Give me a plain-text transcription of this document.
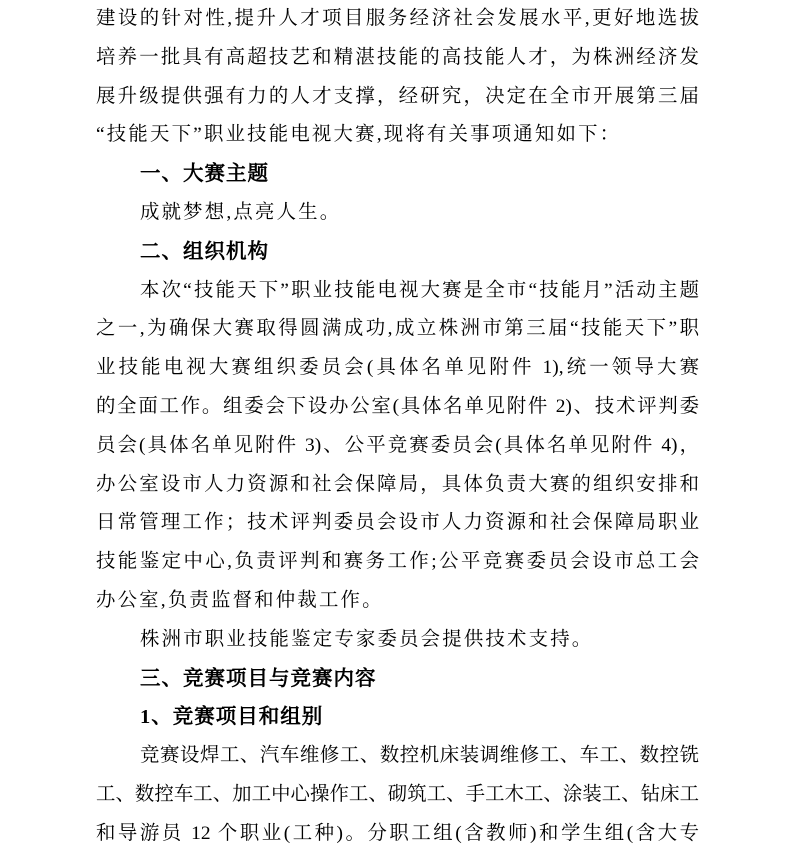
建设的针对性,提升人才项目服务经济社会发展水平,更好地选拔
培养一批具有高超技艺和精湛技能的高技能人才，为株洲经济发
展升级提供强有力的人才支撑，经研究，决定在全市开展第三届
“技能天下”职业技能电视大赛,现将有关事项通知如下：
一、大赛主题
成就梦想,点亮人生。
二、组织机构
本次“技能天下”职业技能电视大赛是全市“技能月”活动主题
之一,为确保大赛取得圆满成功,成立株洲市第三届“技能天下”职
业技能电视大赛组织委员会(具体名单见附件 1),统一领导大赛
的全面工作。组委会下设办公室(具体名单见附件 2)、技术评判委
员会(具体名单见附件 3)、公平竞赛委员会(具体名单见附件 4)，
办公室设市人力资源和社会保障局，具体负责大赛的组织安排和
日常管理工作；技术评判委员会设市人力资源和社会保障局职业
技能鉴定中心,负责评判和赛务工作;公平竞赛委员会设市总工会
办公室,负责监督和仲裁工作。
株洲市职业技能鉴定专家委员会提供技术支持。
三、竞赛项目与竞赛内容
1、竞赛项目和组别
竞赛设焊工、汽车维修工、数控机床装调维修工、车工、数控铣
工、数控车工、加工中心操作工、砌筑工、手工木工、涂装工、钻床工
和导游员 12 个职业(工种)。分职工组(含教师)和学生组(含大专
